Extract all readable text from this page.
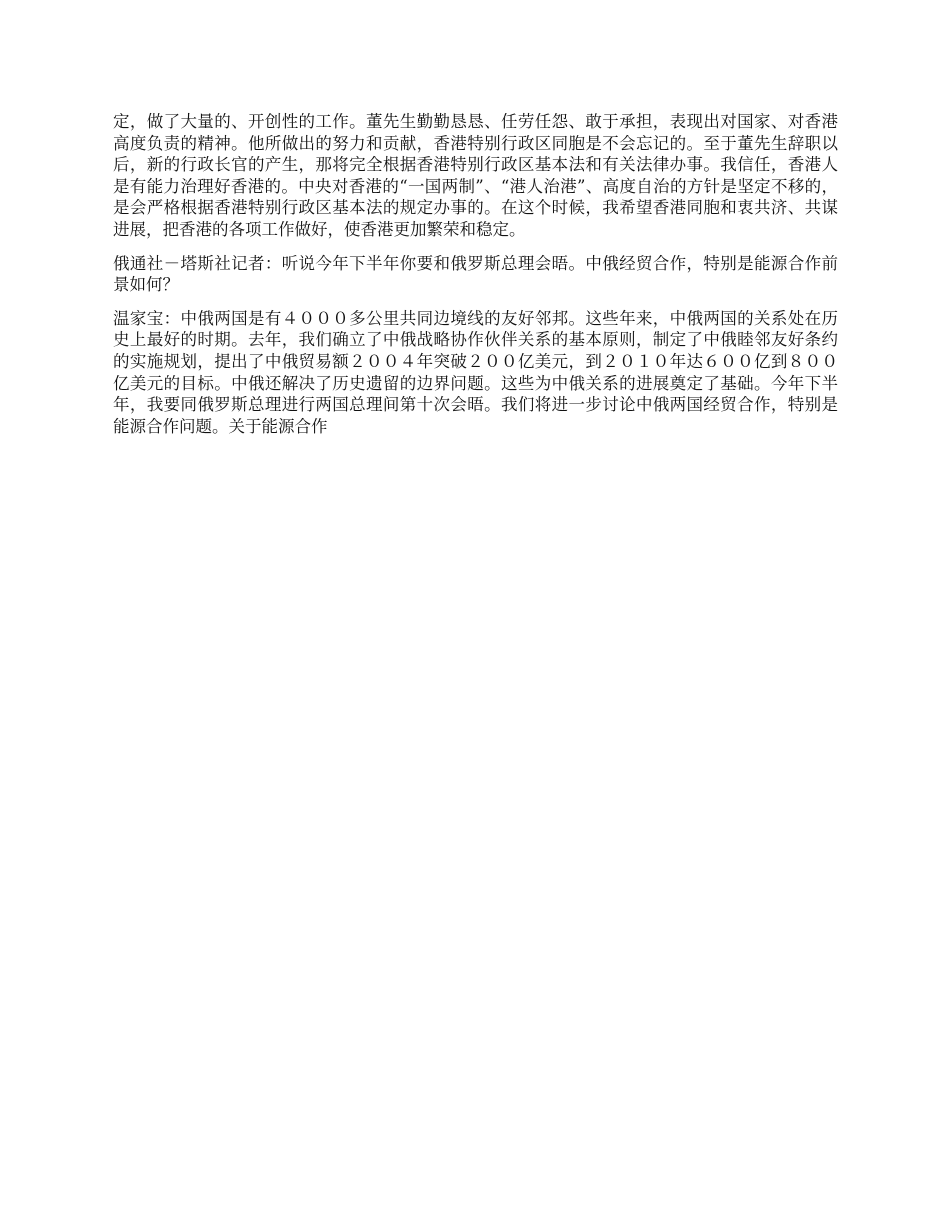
定，做了大量的、开创性的工作。董先生勤勤恳恳、任劳任怨、敢于承担，表现出对国家、对香港高度负责的精神。他所做出的努力和贡献，香港特别行政区同胞是不会忘记的。至于董先生辞职以后，新的行政长官的产生，那将完全根据香港特别行政区基本法和有关法律办事。我信任，香港人是有能力治理好香港的。中央对香港的“一国两制”、“港人治港”、高度自治的方针是坚定不移的，是会严格根据香港特别行政区基本法的规定办事的。在这个时候，我希望香港同胞和衷共济、共谋进展，把香港的各项工作做好，使香港更加繁荣和稳定。

俄通社－塔斯社记者：听说今年下半年你要和俄罗斯总理会晤。中俄经贸合作，特别是能源合作前景如何？

温家宝：中俄两国是有４０００多公里共同边境线的友好邻邦。这些年来，中俄两国的关系处在历史上最好的时期。去年，我们确立了中俄战略协作伙伴关系的基本原则，制定了中俄睦邻友好条约的实施规划，提出了中俄贸易额２００４年突破２００亿美元，到２０１０年达６００亿到８００亿美元的目标。中俄还解决了历史遗留的边界问题。这些为中俄关系的进展奠定了基础。今年下半年，我要同俄罗斯总理进行两国总理间第十次会晤。我们将进一步讨论中俄两国经贸合作，特别是能源合作问题。关于能源合作
